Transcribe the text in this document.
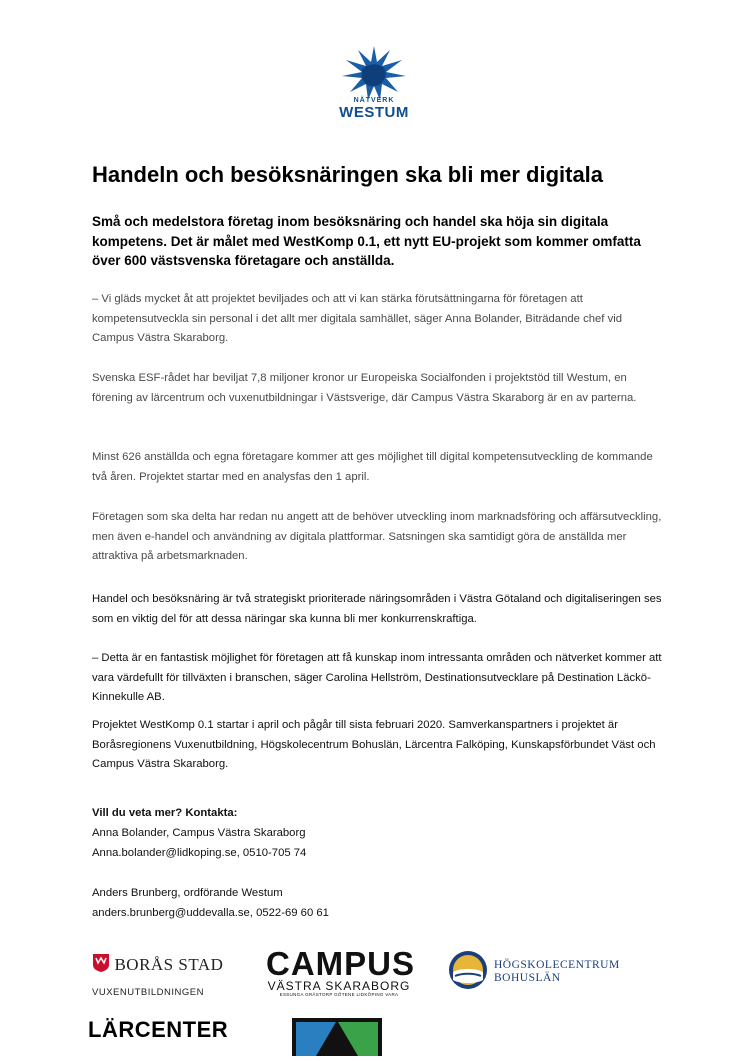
NÄTVERK
WESTUM
Handeln och besöksnäringen ska bli mer digitala

Små och medelstora företag inom besöksnäring och handel ska höja sin digitala kompetens. Det är målet med WestKomp 0.1, ett nytt EU-projekt som kommer omfatta över 600 västsvenska företagare och anställda.

– Vi gläds mycket åt att projektet beviljades och att vi kan stärka förutsättningarna för företagen att kompetensutveckla sin personal i det allt mer digitala samhället, säger Anna Bolander, Biträdande chef vid Campus Västra Skaraborg.

Svenska ESF-rådet har beviljat 7,8 miljoner kronor ur Europeiska Socialfonden i projektstöd till Westum, en förening av lärcentrum och vuxenutbildningar i Västsverige, där Campus Västra Skaraborg är en av parterna.

Minst 626 anställda och egna företagare kommer att ges möjlighet till digital kompetensutveckling de kommande två åren. Projektet startar med en analysfas den 1 april.

Företagen som ska delta har redan nu angett att de behöver utveckling inom marknadsföring och affärsutveckling, men även e-handel och användning av digitala plattformar. Satsningen ska samtidigt göra de anställda mer attraktiva på arbetsmarknaden.

Handel och besöksnäring är två strategiskt prioriterade näringsområden i Västra Götaland och digitaliseringen ses som en viktig del för att dessa näringar ska kunna bli mer konkurrenskraftiga.

– Detta är en fantastisk möjlighet för företagen att få kunskap inom intressanta områden och nätverket kommer att vara värdefullt för tillväxten i branschen, säger Carolina Hellström, Destinationsutvecklare på Destination Läckö-Kinnekulle AB.

Projektet WestKomp 0.1 startar i april och pågår till sista februari 2020. Samverkanspartners i projektet är Boråsregionens Vuxenutbildning, Högskolecentrum Bohuslän, Lärcentra Falköping, Kunskapsförbundet Väst och Campus Västra Skaraborg.

Vill du veta mer? Kontakta:
Anna Bolander, Campus Västra Skaraborg
Anna.bolander@lidkoping.se, 0510-705 74
Anders Brunberg, ordförande Westum
anders.brunberg@uddevalla.se, 0522-69 60 61
BORÅS STAD
VUXENUTBILDNINGEN
CAMPUS
VÄSTRA SKARABORG
ESSUNGA GRÄSTORP GÖTENE LIDKÖPING VARA
HÖGSKOLECENTRUM
BOHUSLÄN
LÄRCENTER
